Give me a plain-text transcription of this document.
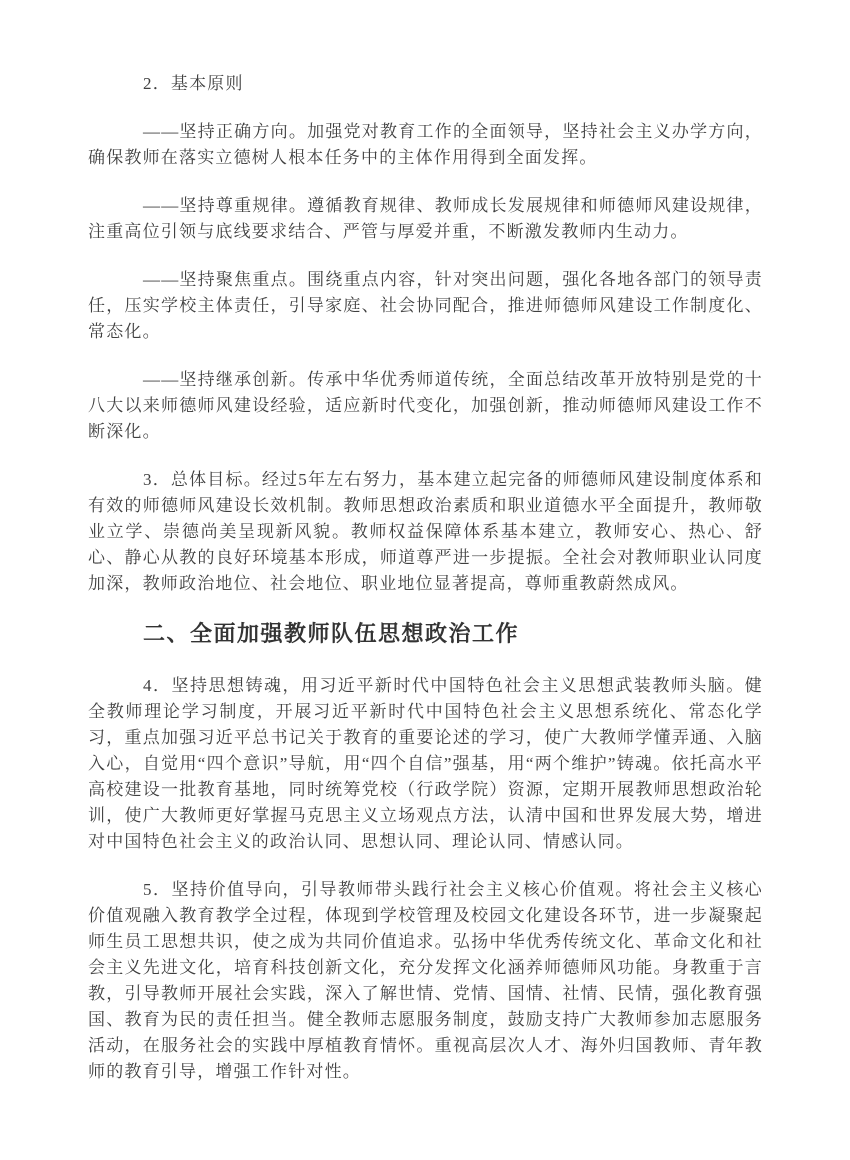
2．基本原则

——坚持正确方向。加强党对教育工作的全面领导，坚持社会主义办学方向，确保教师在落实立德树人根本任务中的主体作用得到全面发挥。

——坚持尊重规律。遵循教育规律、教师成长发展规律和师德师风建设规律，注重高位引领与底线要求结合、严管与厚爱并重，不断激发教师内生动力。

——坚持聚焦重点。围绕重点内容，针对突出问题，强化各地各部门的领导责任，压实学校主体责任，引导家庭、社会协同配合，推进师德师风建设工作制度化、常态化。

——坚持继承创新。传承中华优秀师道传统，全面总结改革开放特别是党的十八大以来师德师风建设经验，适应新时代变化，加强创新，推动师德师风建设工作不断深化。

3．总体目标。经过5年左右努力，基本建立起完备的师德师风建设制度体系和有效的师德师风建设长效机制。教师思想政治素质和职业道德水平全面提升，教师敬业立学、崇德尚美呈现新风貌。教师权益保障体系基本建立，教师安心、热心、舒心、静心从教的良好环境基本形成，师道尊严进一步提振。全社会对教师职业认同度加深，教师政治地位、社会地位、职业地位显著提高，尊师重教蔚然成风。

二、全面加强教师队伍思想政治工作

4．坚持思想铸魂，用习近平新时代中国特色社会主义思想武装教师头脑。健全教师理论学习制度，开展习近平新时代中国特色社会主义思想系统化、常态化学习，重点加强习近平总书记关于教育的重要论述的学习，使广大教师学懂弄通、入脑入心，自觉用“四个意识”导航，用“四个自信”强基，用“两个维护”铸魂。依托高水平高校建设一批教育基地，同时统筹党校（行政学院）资源，定期开展教师思想政治轮训，使广大教师更好掌握马克思主义立场观点方法，认清中国和世界发展大势，增进对中国特色社会主义的政治认同、思想认同、理论认同、情感认同。

5．坚持价值导向，引导教师带头践行社会主义核心价值观。将社会主义核心价值观融入教育教学全过程，体现到学校管理及校园文化建设各环节，进一步凝聚起师生员工思想共识，使之成为共同价值追求。弘扬中华优秀传统文化、革命文化和社会主义先进文化，培育科技创新文化，充分发挥文化涵养师德师风功能。身教重于言教，引导教师开展社会实践，深入了解世情、党情、国情、社情、民情，强化教育强国、教育为民的责任担当。健全教师志愿服务制度，鼓励支持广大教师参加志愿服务活动，在服务社会的实践中厚植教育情怀。重视高层次人才、海外归国教师、青年教师的教育引导，增强工作针对性。
